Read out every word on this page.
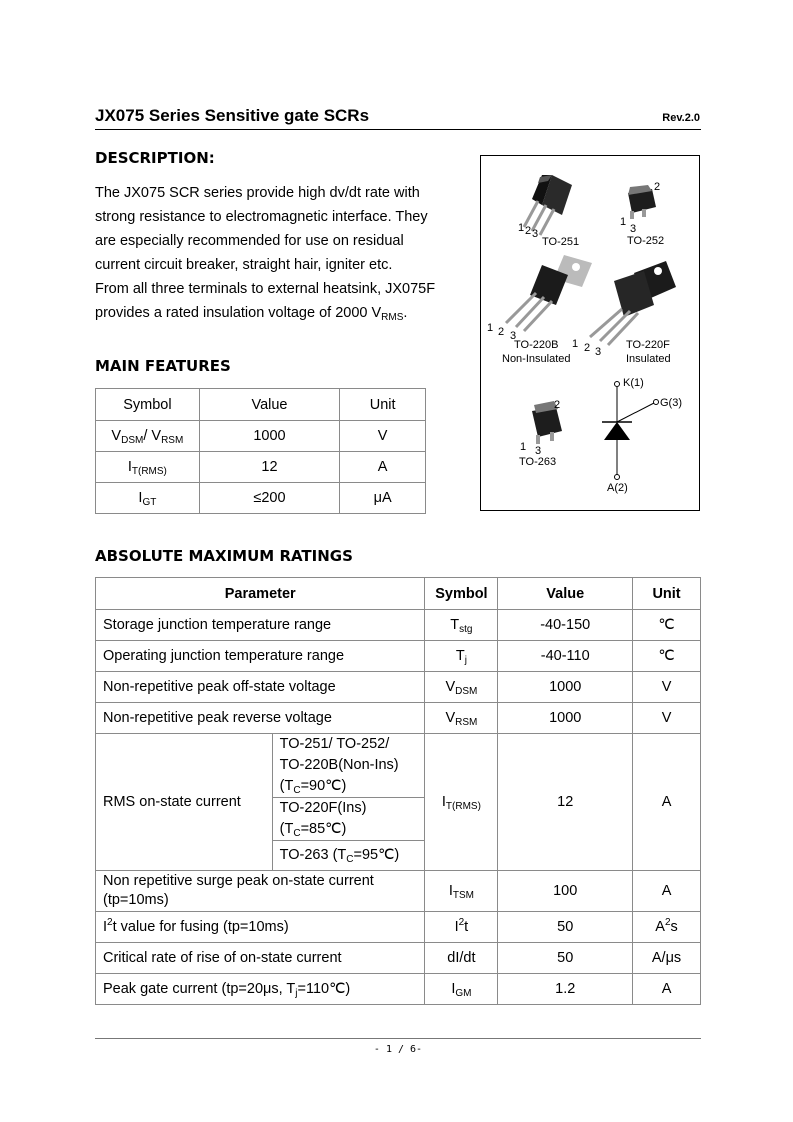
JX075 Series Sensitive gate SCRs	Rev.2.0
DESCRIPTION:
The JX075 SCR series provide high dv/dt rate with
strong resistance to electromagnetic interface. They
are especially recommended for use on residual
current circuit breaker, straight hair, igniter etc.
From all three terminals to external heatsink, JX075F
provides a rated insulation voltage of 2000 $V_{RMS}$.
MAIN FEATURES
Symbol	Value	Unit
$V_{DSM}/$ $V_{RSM}$	1000	V
$I_{T(RMS)}$	12	A
$I_{GT}$	≤200	μA
1 2 3
TO-251
2
1
3
TO-252
1 2 3
TO-220B
Non-Insulated
1 2 3
TO-220F
Insulated
2
1 3
TO-263
K(1)
G(3)
A(2)
ABSOLUTE MAXIMUM RATINGS
Parameter		Symbol	Value	Unit
Storage junction temperature range		$T_{stg}$	-40-150	℃
Operating junction temperature range		$T_j$	-40-110	℃
Non-repetitive peak off-state voltage		$V_{DSM}$	1000	V
Non-repetitive peak reverse voltage		$V_{RSM}$	1000	V
RMS on-state current	TO-251/ TO-252/
TO-220B(Non-Ins)
$(T_C=90℃)$	$I_{T(RMS)}$	12	A

	TO-220F(Ins)
$(T_C=85℃)$			

	TO-263 $(T_C=95℃)$			

Non repetitive surge peak on-state current
(tp=10ms)		$I_{TSM}$	100	A
$I^2t$ value for fusing (tp=10ms)		$I^2t$	50	$A^2s$
Critical rate of rise of on-state current		dI/dt	50	A/μs
Peak gate current (tp=20μs, $T_j=110℃$)		$I_{GM}$	1.2	A
- 1 / 6-
